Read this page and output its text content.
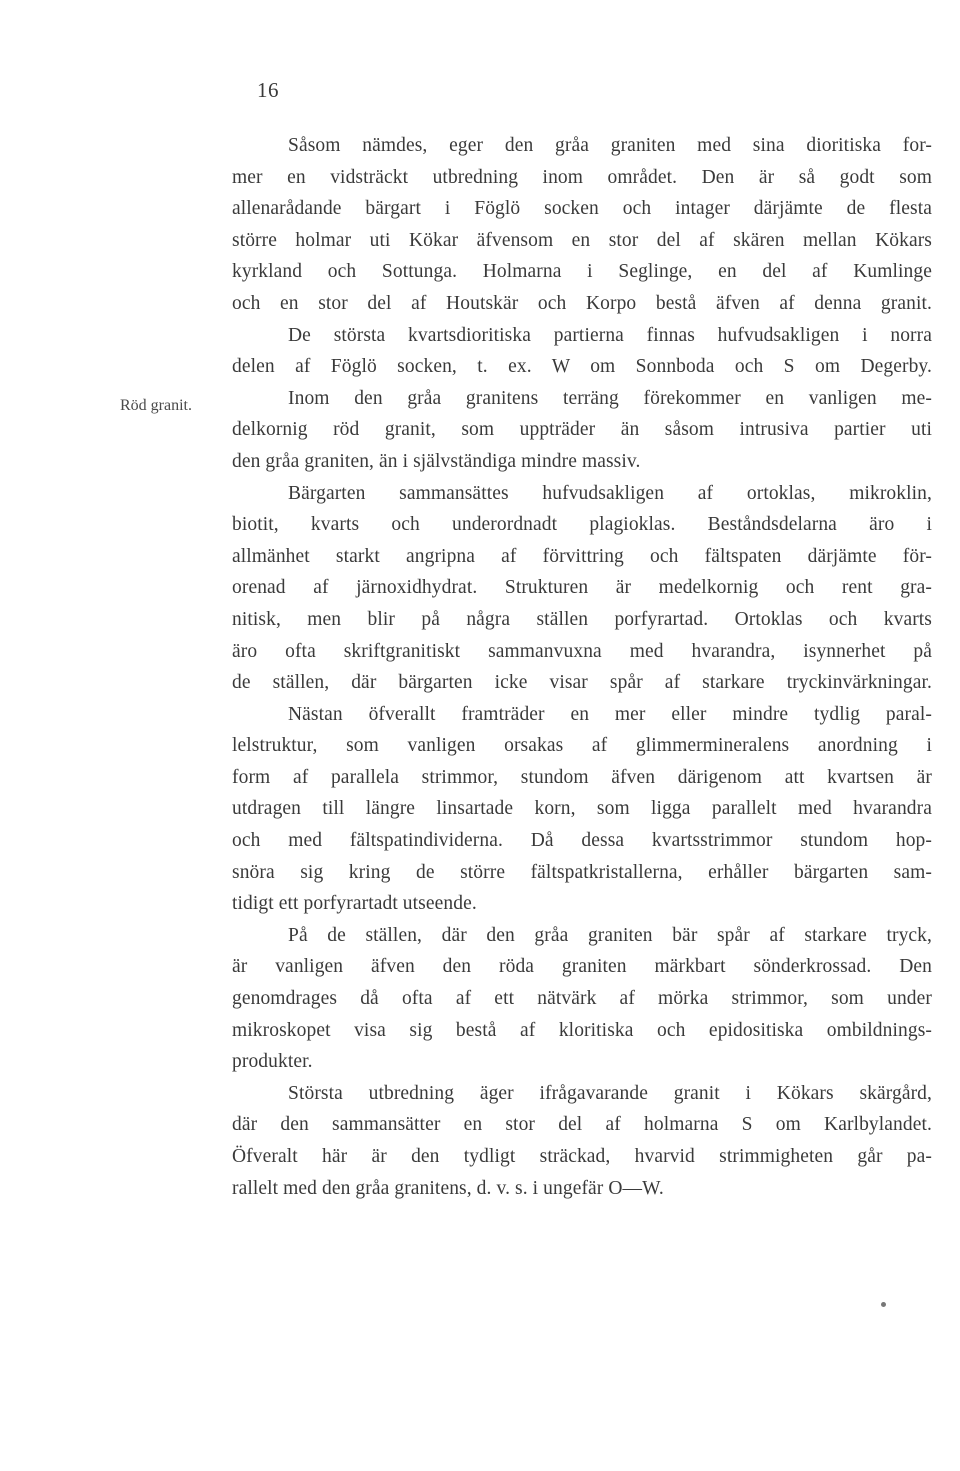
16
Röd granit.
Såsom nämdes, eger den gråa graniten med sina dioritiska for-
mer en vidsträckt utbredning inom området. Den är så godt som
allenarådande bärgart i Föglö socken och intager därjämte de flesta
större holmar uti Kökar äfvensom en stor del af skären mellan Kökars
kyrkland och Sottunga. Holmarna i Seglinge, en del af Kumlinge
och en stor del af Houtskär och Korpo bestå äfven af denna granit.
De största kvartsdioritiska partierna finnas hufvudsakligen i norra
delen af Föglö socken, t. ex. W om Sonnboda och S om Degerby.
Inom den gråa granitens terräng förekommer en vanligen me-
delkornig röd granit, som uppträder än såsom intrusiva partier uti
den gråa graniten, än i självständiga mindre massiv.
Bärgarten sammansättes hufvudsakligen af ortoklas, mikroklin,
biotit, kvarts och underordnadt plagioklas. Beståndsdelarna äro i
allmänhet starkt angripna af förvittring och fältspaten därjämte för-
orenad af järnoxidhydrat. Strukturen är medelkornig och rent gra-
nitisk, men blir på några ställen porfyrartad. Ortoklas och kvarts
äro ofta skriftgranitiskt sammanvuxna med hvarandra, isynnerhet på
de ställen, där bärgarten icke visar spår af starkare tryckinvärkningar.
Nästan öfverallt framträder en mer eller mindre tydlig paral-
lelstruktur, som vanligen orsakas af glimmermineralens anordning i
form af parallela strimmor, stundom äfven därigenom att kvartsen är
utdragen till längre linsartade korn, som ligga parallelt med hvarandra
och med fältspatindividerna. Då dessa kvartsstrimmor stundom hop-
snöra sig kring de större fältspatkristallerna, erhåller bärgarten sam-
tidigt ett porfyrartadt utseende.
På de ställen, där den gråa graniten bär spår af starkare tryck,
är vanligen äfven den röda graniten märkbart sönderkrossad. Den
genomdrages då ofta af ett nätvärk af mörka strimmor, som under
mikroskopet visa sig bestå af kloritiska och epidositiska ombildnings-
produkter.
Största utbredning äger ifrågavarande granit i Kökars skärgård,
där den sammansätter en stor del af holmarna S om Karlbylandet.
Öfveralt här är den tydligt sträckad, hvarvid strimmigheten går pa-
rallelt med den gråa granitens, d. v. s. i ungefär O—W.
